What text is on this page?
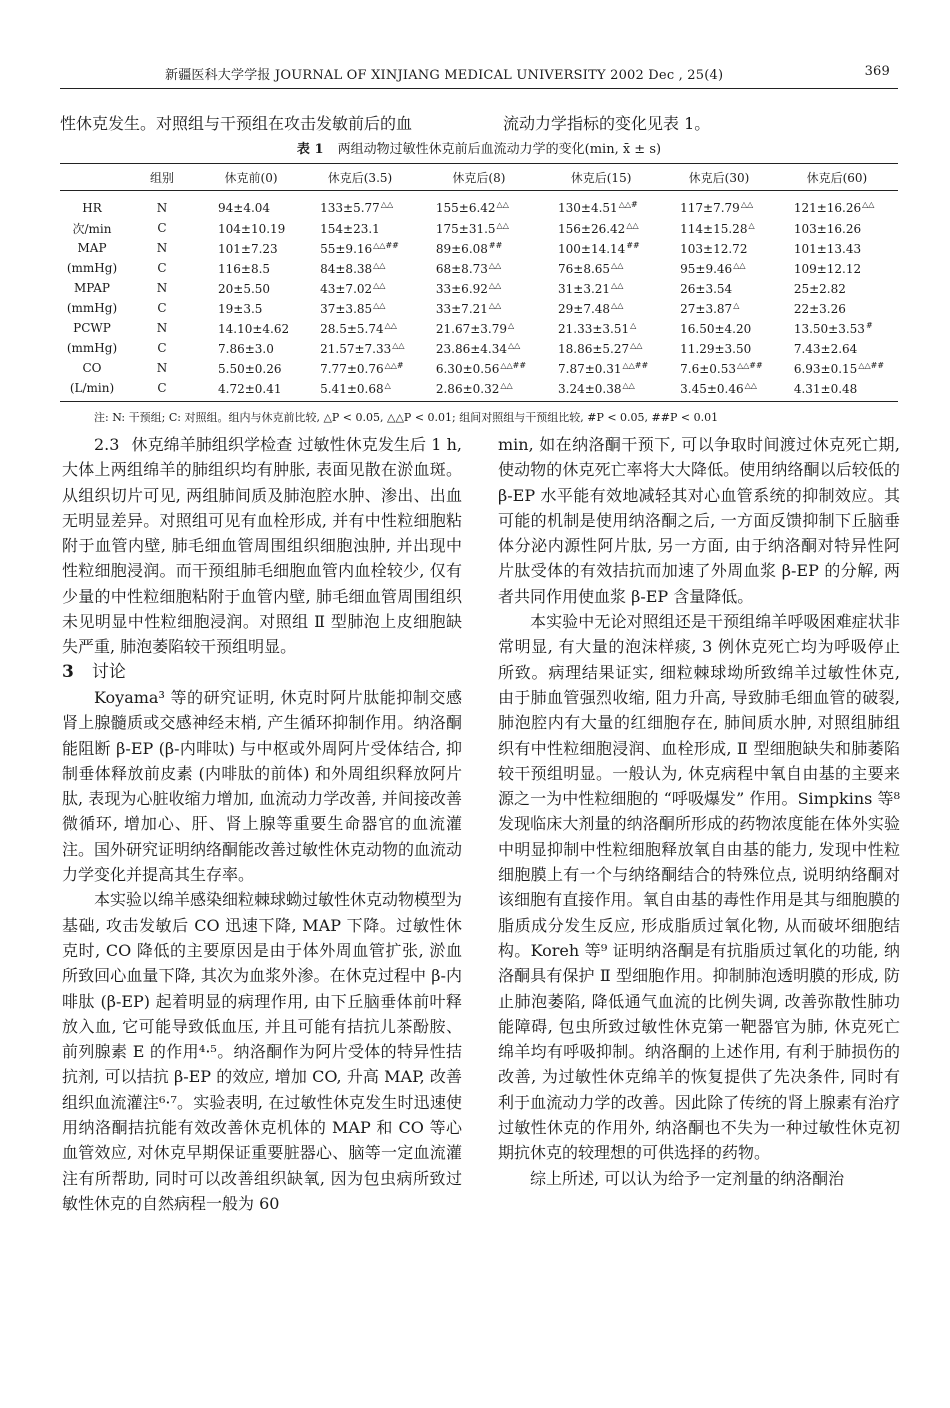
新疆医科大学学报 JOURNAL OF XINJIANG MEDICAL UNIVERSITY 2002 Dec , 25(4)	369
性休克发生。对照组与干预组在攻击发敏前后的血	流动力学指标的变化见表 1。
表 1 两组动物过敏性休克前后血流动力学的变化(min, x̄ ± s)
	组别	休克前(0)	休克后(3.5)	休克后(8)	休克后(15)	休克后(30)	休克后(60)
HR	N	94±4.04	133±5.77△△	155±6.42△△	130±4.51△△#	117±7.79△△	121±16.26△△
次/min	C	104±10.19	154±23.1	175±31.5△△	156±26.42△△	114±15.28△	103±16.26
MAP	N	101±7.23	55±9.16△△##	89±6.08##	100±14.14##	103±12.72	101±13.43
(mmHg)	C	116±8.5	84±8.38△△	68±8.73△△	76±8.65△△	95±9.46△△	109±12.12
MPAP	N	20±5.50	43±7.02△△	33±6.92△△	31±3.21△△	26±3.54	25±2.82
(mmHg)	C	19±3.5	37±3.85△△	33±7.21△△	29±7.48△△	27±3.87△	22±3.26
PCWP	N	14.10±4.62	28.5±5.74△△	21.67±3.79△	21.33±3.51△	16.50±4.20	13.50±3.53#
(mmHg)	C	7.86±3.0	21.57±7.33△△	23.86±4.34△△	18.86±5.27△△	11.29±3.50	7.43±2.64
CO	N	5.50±0.26	7.77±0.76△△#	6.30±0.56△△##	7.87±0.31△△##	7.6±0.53△△##	6.93±0.15△△##
(L/min)	C	4.72±0.41	5.41±0.68△	2.86±0.32△△	3.24±0.38△△	3.45±0.46△△	4.31±0.48
注: N: 干预组; C: 对照组。组内与休克前比较, △P < 0.05, △△P < 0.01; 组间对照组与干预组比较, #P < 0.05, ##P < 0.01

2.3 休克绵羊肺组织学检查 过敏性休克发生后 1 h, 大体上两组绵羊的肺组织均有肿胀, 表面见散在淤血斑。从组织切片可见, 两组肺间质及肺泡腔水肿、渗出、出血无明显差异。对照组可见有血栓形成, 并有中性粒细胞粘附于血管内壁, 肺毛细血管周围组织细胞浊肿, 并出现中性粒细胞浸润。而干预组肺毛细胞血管内血栓较少, 仅有少量的中性粒细胞粘附于血管内壁, 肺毛细血管周围组织未见明显中性粒细胞浸润。对照组 Ⅱ 型肺泡上皮细胞缺失严重, 肺泡萎陷较干预组明显。

3 讨论

Koyama³ 等的研究证明, 休克时阿片肽能抑制交感肾上腺髓质或交感神经末梢, 产生循环抑制作用。纳洛酮能阻断 β-EP (β-内啡呔) 与中枢或外周阿片受体结合, 抑制垂体释放前皮素 (内啡肽的前体) 和外周组织释放阿片肽, 表现为心脏收缩力增加, 血流动力学改善, 并间接改善微循环, 增加心、肝、肾上腺等重要生命器官的血流灌注。国外研究证明纳络酮能改善过敏性休克动物的血流动力学变化并提高其生存率。

本实验以绵羊感染细粒棘球蚴过敏性休克动物模型为基础, 攻击发敏后 CO 迅速下降, MAP 下降。过敏性休克时, CO 降低的主要原因是由于体外周血管扩张, 淤血所致回心血量下降, 其次为血浆外渗。在休克过程中 β-内啡肽 (β-EP) 起着明显的病理作用, 由下丘脑垂体前叶释放入血, 它可能导致低血压, 并且可能有拮抗儿茶酚胺、前列腺素 E 的作用⁴·⁵。纳洛酮作为阿片受体的特异性拮抗剂, 可以拮抗 β-EP 的效应, 增加 CO, 升高 MAP, 改善组织血流灌注⁶·⁷。实验表明, 在过敏性休克发生时迅速使用纳洛酮拮抗能有效改善休克机体的 MAP 和 CO 等心血管效应, 对休克早期保证重要脏器心、脑等一定血流灌注有所帮助, 同时可以改善组织缺氧, 因为包虫病所致过敏性休克的自然病程一般为 60

min, 如在纳洛酮干预下, 可以争取时间渡过休克死亡期, 使动物的休克死亡率将大大降低。使用纳络酮以后较低的 β-EP 水平能有效地减轻其对心血管系统的抑制效应。其可能的机制是使用纳洛酮之后, 一方面反馈抑制下丘脑垂体分泌内源性阿片肽, 另一方面, 由于纳洛酮对特异性阿片肽受体的有效拮抗而加速了外周血浆 β-EP 的分解, 两者共同作用使血浆 β-EP 含量降低。

本实验中无论对照组还是干预组绵羊呼吸困难症状非常明显, 有大量的泡沫样痰, 3 例休克死亡均为呼吸停止所致。病理结果证实, 细粒棘球坳所致绵羊过敏性休克, 由于肺血管强烈收缩, 阻力升高, 导致肺毛细血管的破裂, 肺泡腔内有大量的红细胞存在, 肺间质水肿, 对照组肺组织有中性粒细胞浸润、血栓形成, Ⅱ 型细胞缺失和肺萎陷较干预组明显。一般认为, 休克病程中氧自由基的主要来源之一为中性粒细胞的 “呼吸爆发” 作用。Simpkins 等⁸ 发现临床大剂量的纳洛酮所形成的药物浓度能在体外实验中明显抑制中性粒细胞释放氧自由基的能力, 发现中性粒细胞膜上有一个与纳络酮结合的特殊位点, 说明纳络酮对该细胞有直接作用。氧自由基的毒性作用是其与细胞膜的脂质成分发生反应, 形成脂质过氧化物, 从而破坏细胞结构。Koreh 等⁹ 证明纳洛酮是有抗脂质过氧化的功能, 纳洛酮具有保护 Ⅱ 型细胞作用。抑制肺泡透明膜的形成, 防止肺泡萎陷, 降低通气血流的比例失调, 改善弥散性肺功能障碍, 包虫所致过敏性休克第一靶器官为肺, 休克死亡绵羊均有呼吸抑制。纳洛酮的上述作用, 有利于肺损伤的改善, 为过敏性休克绵羊的恢复提供了先决条件, 同时有利于血流动力学的改善。因此除了传统的肾上腺素有治疗过敏性休克的作用外, 纳洛酮也不失为一种过敏性休克初期抗休克的较理想的可供选择的药物。

综上所述, 可以认为给予一定剂量的纳洛酮治
